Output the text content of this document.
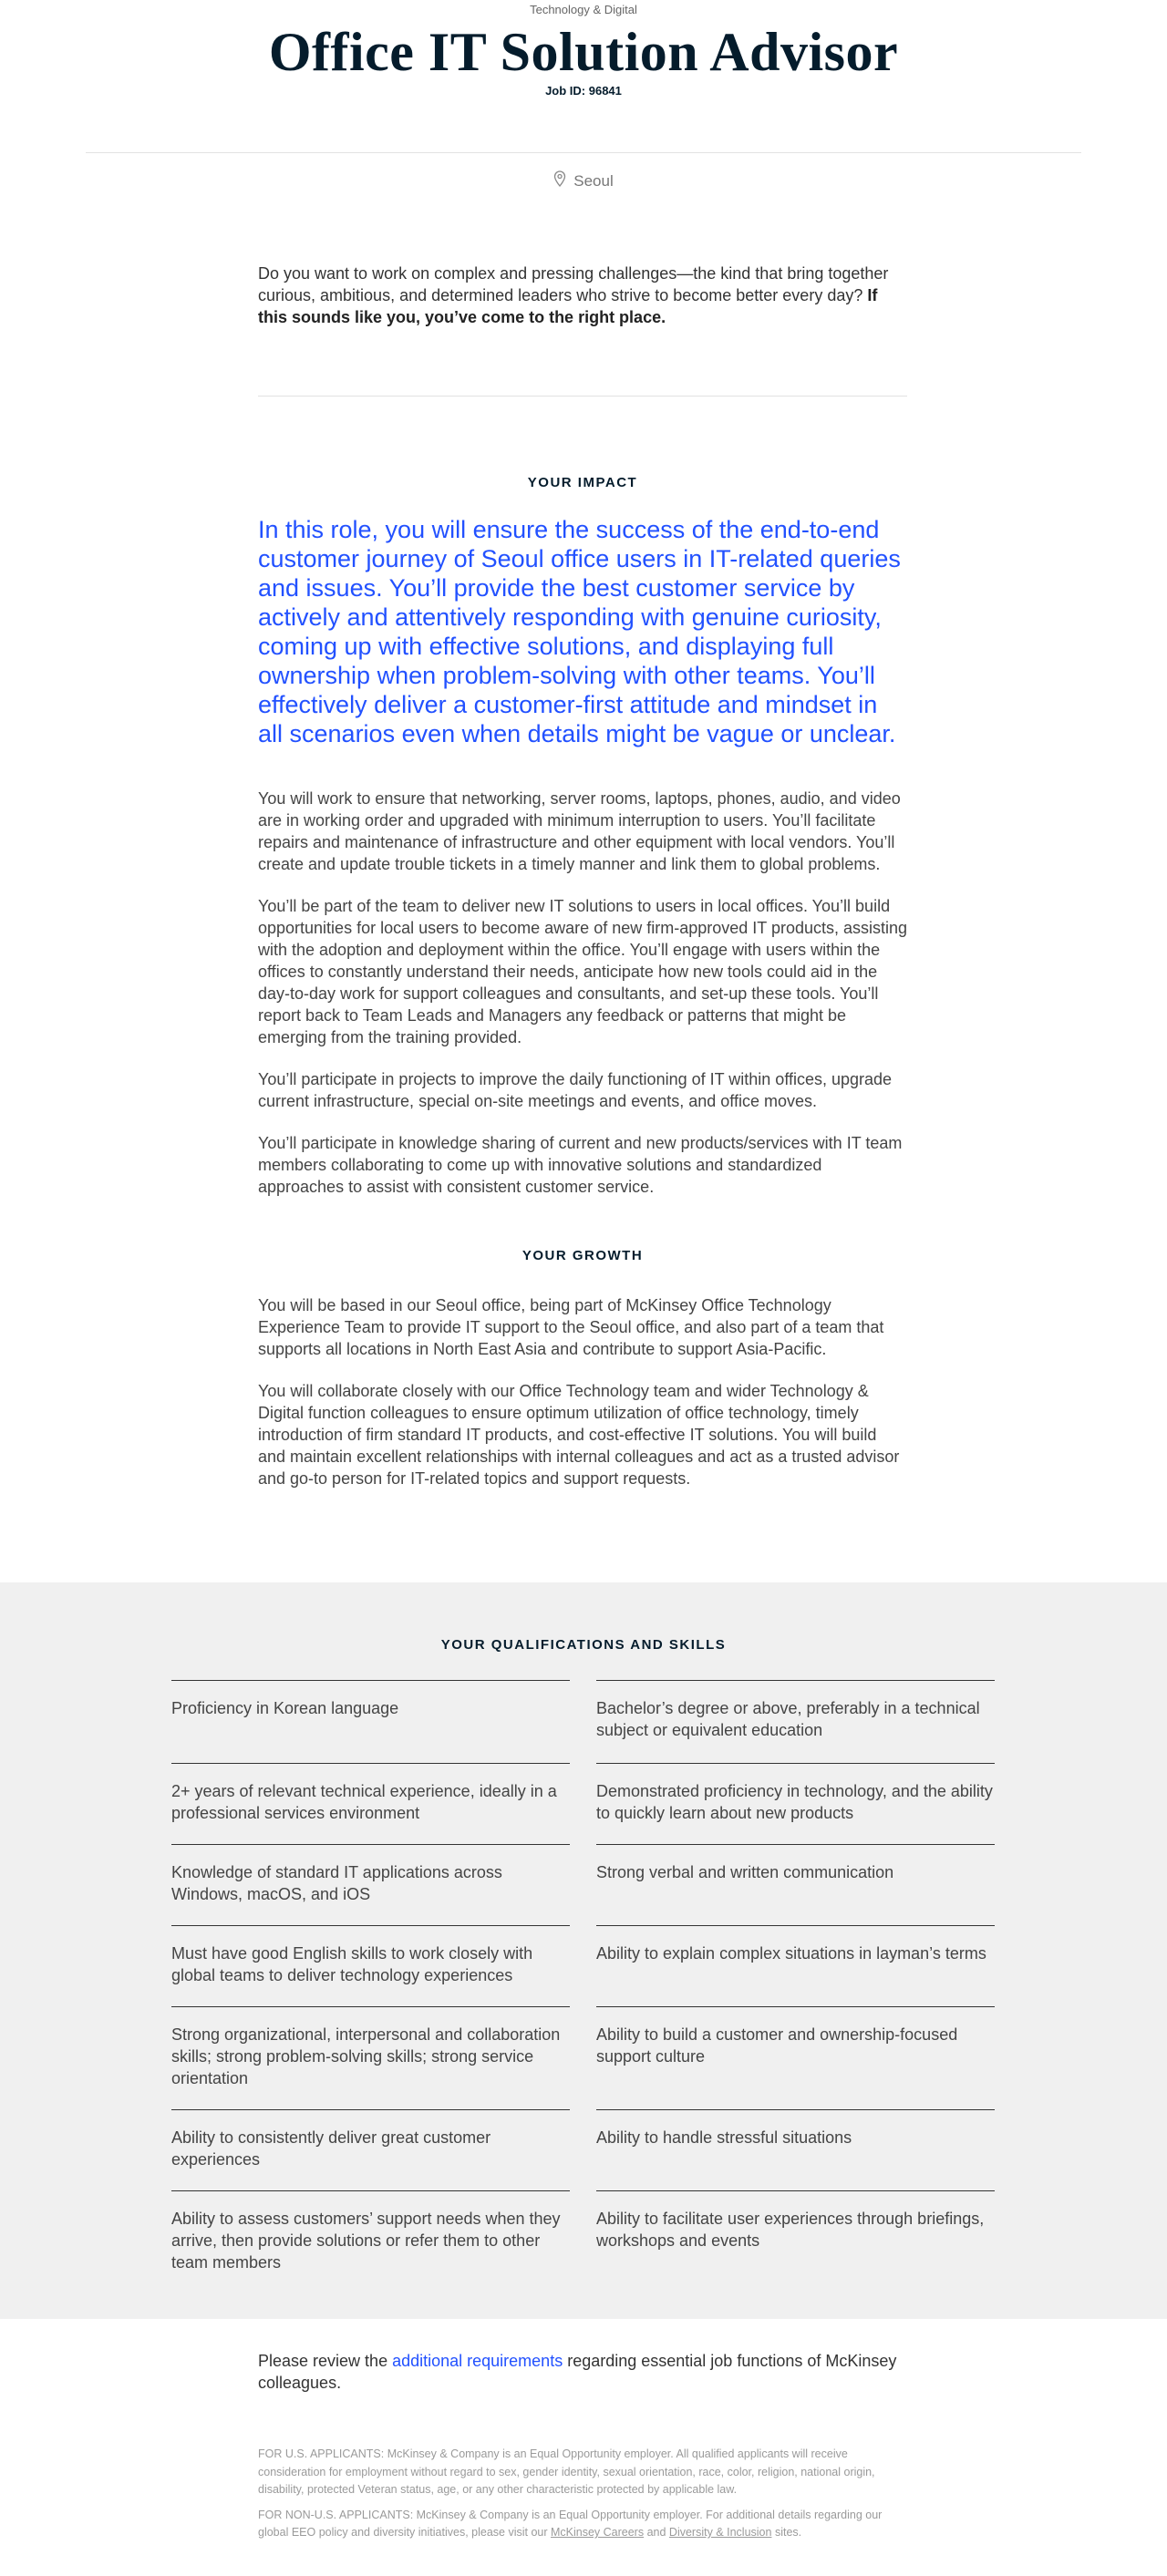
Technology & Digital
Office IT Solution Advisor
Job ID: 96841
Seoul

Do you want to work on complex and pressing challenges—the kind that bring together curious, ambitious, and determined leaders who strive to become better every day? If this sounds like you, you’ve come to the right place.

YOUR IMPACT

In this role, you will ensure the success of the end-to-end customer journey of Seoul office users in IT-related queries and issues. You’ll provide the best customer service by actively and attentively responding with genuine curiosity, coming up with effective solutions, and displaying full ownership when problem-solving with other teams. You’ll effectively deliver a customer-first attitude and mindset in all scenarios even when details might be vague or unclear.

You will work to ensure that networking, server rooms, laptops, phones, audio, and video are in working order and upgraded with minimum interruption to users. You’ll facilitate repairs and maintenance of infrastructure and other equipment with local vendors. You’ll create and update trouble tickets in a timely manner and link them to global problems.

You’ll be part of the team to deliver new IT solutions to users in local offices. You’ll build opportunities for local users to become aware of new firm-approved IT products, assisting with the adoption and deployment within the office. You’ll engage with users within the offices to constantly understand their needs, anticipate how new tools could aid in the day-to-day work for support colleagues and consultants, and set-up these tools. You’ll report back to Team Leads and Managers any feedback or patterns that might be emerging from the training provided.

You’ll participate in projects to improve the daily functioning of IT within offices, upgrade current infrastructure, special on-site meetings and events, and office moves.

You’ll participate in knowledge sharing of current and new products/services with IT team members collaborating to come up with innovative solutions and standardized approaches to assist with consistent customer service.

YOUR GROWTH

You will be based in our Seoul office, being part of McKinsey Office Technology Experience Team to provide IT support to the Seoul office, and also part of a team that supports all locations in North East Asia and contribute to support Asia-Pacific.

You will collaborate closely with our Office Technology team and wider Technology & Digital function colleagues to ensure optimum utilization of office technology, timely introduction of firm standard IT products, and cost-effective IT solutions. You will build and maintain excellent relationships with internal colleagues and act as a trusted advisor and go-to person for IT-related topics and support requests.

YOUR QUALIFICATIONS AND SKILLS
Proficiency in Korean language	Bachelor’s degree or above, preferably in a technical subject or equivalent education
2+ years of relevant technical experience, ideally in a professional services environment
Demonstrated proficiency in technology, and the ability to quickly learn about new products
Knowledge of standard IT applications across Windows, macOS, and iOS
Strong verbal and written communication
Must have good English skills to work closely with global teams to deliver technology experiences
Ability to explain complex situations in layman’s terms
Strong organizational, interpersonal and collaboration skills; strong problem-solving skills; strong service orientation
Ability to build a customer and ownership-focused support culture
Ability to consistently deliver great customer experiences
Ability to handle stressful situations
Ability to assess customers’ support needs when they arrive, then provide solutions or refer them to other team members
Ability to facilitate user experiences through briefings, workshops and events

Please review the additional requirements regarding essential job functions of McKinsey colleagues.

FOR U.S. APPLICANTS: McKinsey & Company is an Equal Opportunity employer. All qualified applicants will receive consideration for employment without regard to sex, gender identity, sexual orientation, race, color, religion, national origin, disability, protected Veteran status, age, or any other characteristic protected by applicable law.

FOR NON-U.S. APPLICANTS: McKinsey & Company is an Equal Opportunity employer. For additional details regarding our global EEO policy and diversity initiatives, please visit our McKinsey Careers and Diversity & Inclusion sites.
